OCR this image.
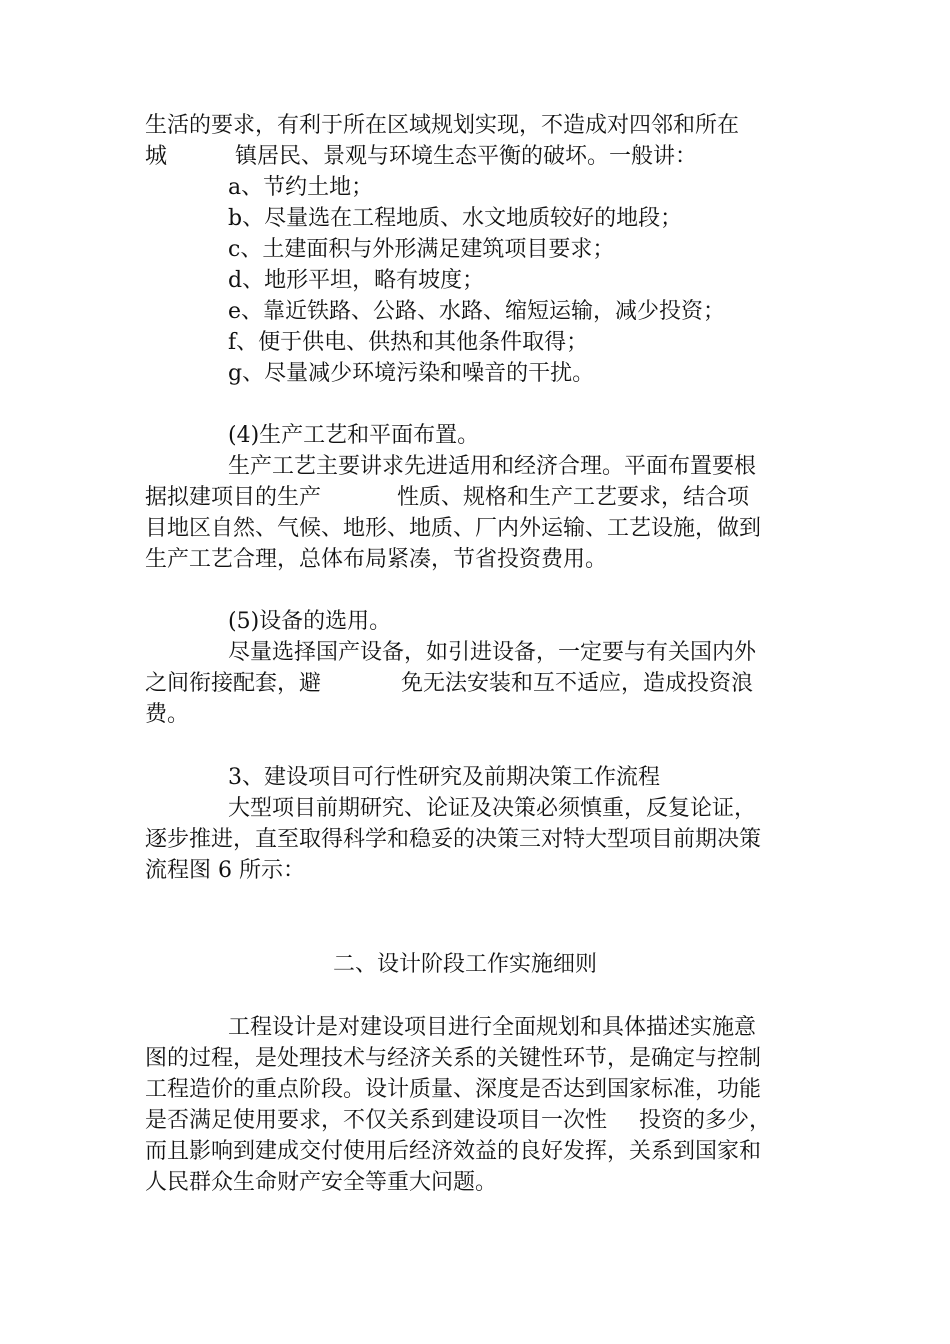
生活的要求，有利于所在区域规划实现，不造成对四邻和所在
城	镇居民、景观与环境生态平衡的破坏。一般讲：
a、节约土地；
b、尽量选在工程地质、水文地质较好的地段；
c、土建面积与外形满足建筑项目要求；
d、地形平坦，略有坡度；
e、靠近铁路、公路、水路、缩短运输，减少投资；
f、便于供电、供热和其他条件取得；
g、尽量减少环境污染和噪音的干扰。
(4)生产工艺和平面布置。
生产工艺主要讲求先进适用和经济合理。平面布置要根
据拟建项目的生产	性质、规格和生产工艺要求，结合项
目地区自然、气候、地形、地质、厂内外运输、工艺设施，做到
生产工艺合理，总体布局紧凑，节省投资费用。
(5)设备的选用。
尽量选择国产设备，如引进设备，一定要与有关国内外
之间衔接配套，避	免无法安装和互不适应，造成投资浪
费。
3、建设项目可行性研究及前期决策工作流程
大型项目前期研究、论证及决策必须慎重，反复论证，
逐步推进，直至取得科学和稳妥的决策三对特大型项目前期决策
流程图 6 所示：
二、设计阶段工作实施细则
工程设计是对建设项目进行全面规划和具体描述实施意
图的过程，是处理技术与经济关系的关键性环节，是确定与控制
工程造价的重点阶段。设计质量、深度是否达到国家标准，功能
是否满足使用要求，不仅关系到建设项目一次性 投资的多少，
而且影响到建成交付使用后经济效益的良好发挥，关系到国家和
人民群众生命财产安全等重大问题。
